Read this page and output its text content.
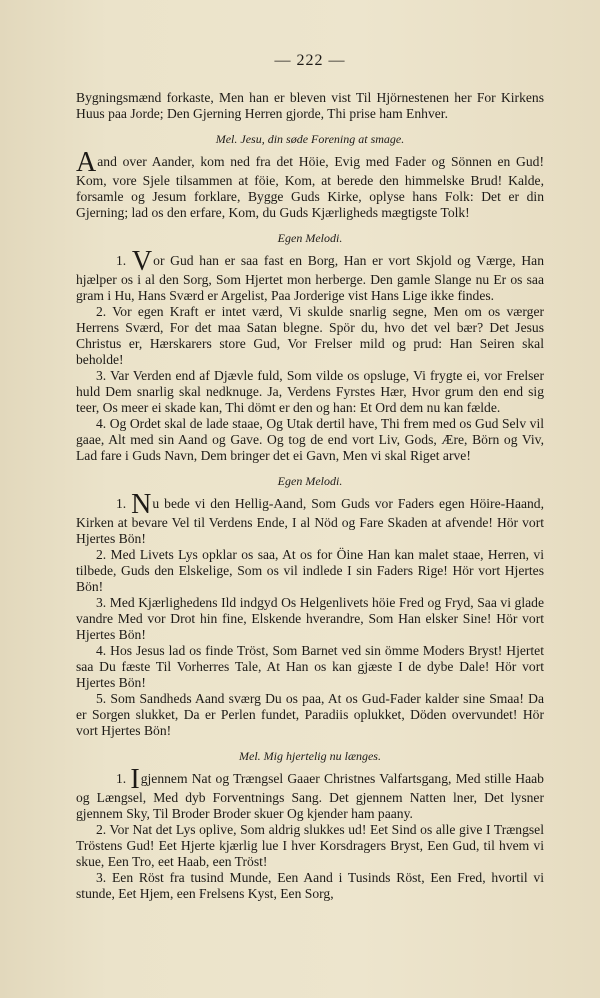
— 222 —

Bygningsmænd forkaste, Men han er bleven vist Til Hjörnestenen her For Kirkens Huus paa Jorde; Den Gjerning Herren gjorde, Thi prise ham Enhver.

Mel. Jesu, din søde Forening at smage.

Aand over Aander, kom ned fra det Höie, Evig med Fader og Sönnen en Gud! Kom, vore Sjele tilsammen at föie, Kom, at berede den himmelske Brud! Kalde, forsamle og Jesum forklare, Bygge Guds Kirke, oplyse hans Folk: Det er din Gjerning; lad os den erfare, Kom, du Guds Kjærligheds mægtigste Tolk!

Egen Melodi.

1. Vor Gud han er saa fast en Borg, Han er vort Skjold og Værge, Han hjælper os i al den Sorg, Som Hjertet mon herberge. Den gamle Slange nu Er os saa gram i Hu, Hans Sværd er Argelist, Paa Jorderige vist Hans Lige ikke findes.

2. Vor egen Kraft er intet værd, Vi skulde snarlig segne, Men om os værger Herrens Sværd, For det maa Satan blegne. Spör du, hvo det vel bær? Det Jesus Christus er, Hærskarers store Gud, Vor Frelser mild og prud: Han Seiren skal beholde!

3. Var Verden end af Djævle fuld, Som vilde os opsluge, Vi frygte ei, vor Frelser huld Dem snarlig skal nedknuge. Ja, Verdens Fyrstes Hær, Hvor grum den end sig teer, Os meer ei skade kan, Thi dömt er den og han: Et Ord dem nu kan fælde.

4. Og Ordet skal de lade staae, Og Utak dertil have, Thi frem med os Gud Selv vil gaae, Alt med sin Aand og Gave. Og tog de end vort Liv, Gods, Ære, Börn og Viv, Lad fare i Guds Navn, Dem bringer det ei Gavn, Men vi skal Riget arve!

Egen Melodi.

1. Nu bede vi den Hellig-Aand, Som Guds vor Faders egen Höire-Haand, Kirken at bevare Vel til Verdens Ende, I al Nöd og Fare Skaden at afvende! Hör vort Hjertes Bön!

2. Med Livets Lys opklar os saa, At os for Öine Han kan malet staae, Herren, vi tilbede, Guds den Elskelige, Som os vil indlede I sin Faders Rige! Hör vort Hjertes Bön!

3. Med Kjærlighedens Ild indgyd Os Helgenlivets höie Fred og Fryd, Saa vi glade vandre Med vor Drot hin fine, Elskende hverandre, Som Han elsker Sine! Hör vort Hjertes Bön!

4. Hos Jesus lad os finde Tröst, Som Barnet ved sin ömme Moders Bryst! Hjertet saa Du fæste Til Vorherres Tale, At Han os kan gjæste I de dybe Dale! Hör vort Hjertes Bön!

5. Som Sandheds Aand sværg Du os paa, At os Gud-Fader kalder sine Smaa! Da er Sorgen slukket, Da er Perlen fundet, Paradiis oplukket, Döden overvundet! Hör vort Hjertes Bön!

Mel. Mig hjertelig nu længes.

1. Igjennem Nat og Trængsel Gaaer Christnes Valfartsgang, Med stille Haab og Længsel, Med dyb Forventnings Sang. Det gjennem Natten lner, Det lysner gjennem Sky, Til Broder Broder skuer Og kjender ham paany.

2. Vor Nat det Lys oplive, Som aldrig slukkes ud! Eet Sind os alle give I Trængsel Tröstens Gud! Eet Hjerte kjærlig lue I hver Korsdragers Bryst, Een Gud, til hvem vi skue, Een Tro, eet Haab, een Tröst!

3. Een Röst fra tusind Munde, Een Aand i Tusinds Röst, Een Fred, hvortil vi stunde, Eet Hjem, een Frelsens Kyst, Een Sorg,
